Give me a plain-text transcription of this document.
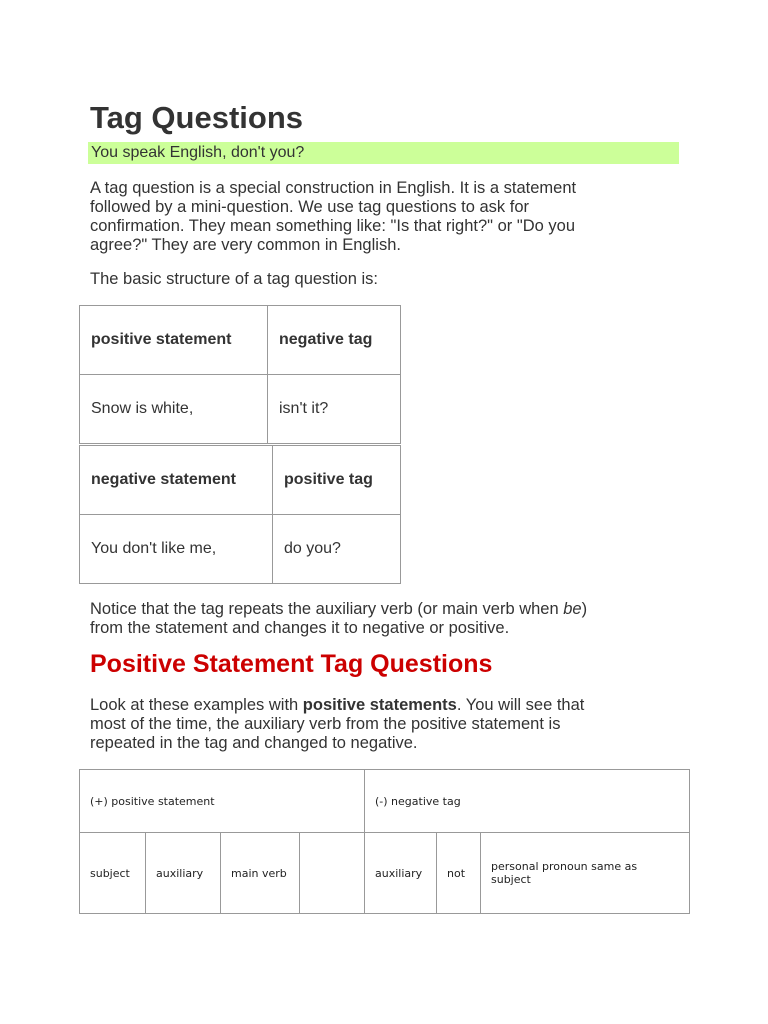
Tag Questions
You speak English, don't you?

A tag question is a special construction in English. It is a statement
followed by a mini-question. We use tag questions to ask for
confirmation. They mean something like: "Is that right?" or "Do you
agree?" They are very common in English.

The basic structure of a tag question is:

positive statement	negative tag
Snow is white,	isn't it?
negative statement	positive tag
You don't like me,	do you?

Notice that the tag repeats the auxiliary verb (or main verb when be)
from the statement and changes it to negative or positive.

Positive Statement Tag Questions

Look at these examples with positive statements. You will see that
most of the time, the auxiliary verb from the positive statement is
repeated in the tag and changed to negative.

(+) positive statement				(-) negative tag		
subject	auxiliary	main verb		auxiliary	not	personal pronoun same as subject
